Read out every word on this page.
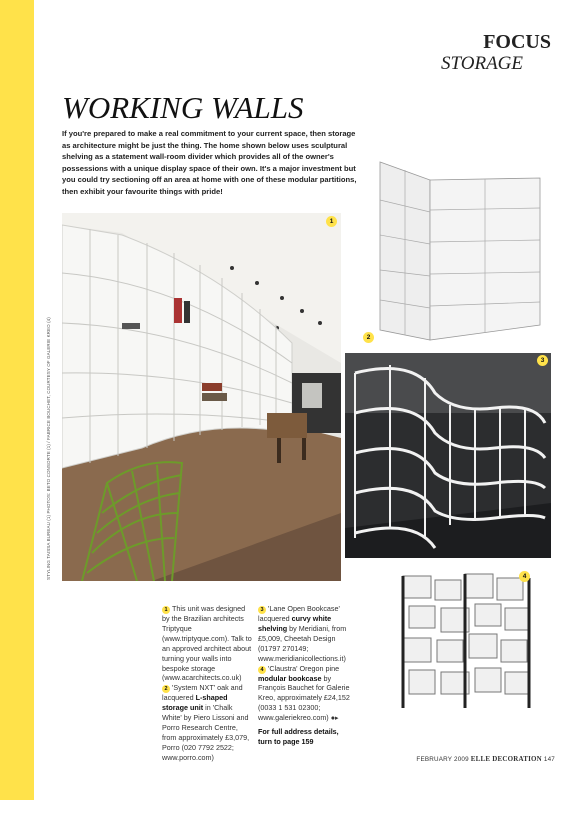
FOCUS
STORAGE
WORKING WALLS
If you're prepared to make a real commitment to your current space, then storage as architecture might be just the thing. The home shown below uses sculptural shelving as a statement wall-room divider which provides all of the owner's possessions with a unique display space of their own. It's a major investment but you could try sectioning off an area at home with one of these modular partitions, then exhibit your favourite things with pride!
1
2
3
4
STYLING TAISSA BUREAU (1) PHOTOS: BETO CONSORTE (1) / FABRICE BOUCHET, COURTESY OF GALERIE KREO (4)

1 This unit was designed by the Brazilian architects Triptyque (www.triptyque.com). Talk to an approved architect about turning your walls into bespoke storage (www.acarchitects.co.uk)

2 'System NXT' oak and lacquered L-shaped storage unit in 'Chalk White' by Piero Lissoni and Porro Research Centre, from approximately £3,079, Porro (020 7792 2522; www.porro.com)

3 'Lane Open Bookcase' lacquered curvy white shelving by Meridiani, from £5,009, Cheetah Design (01797 270149; www.meridianicollections.it)

4 'Claustra' Oregon pine modular bookcase by François Bauchet for Galerie Kreo, approximately £24,152 (0033 1 531 02300; www.galeriekreo.com) ●▸

For full address details, turn to page 159

FEBRUARY 2009 ELLE DECORATION 147
